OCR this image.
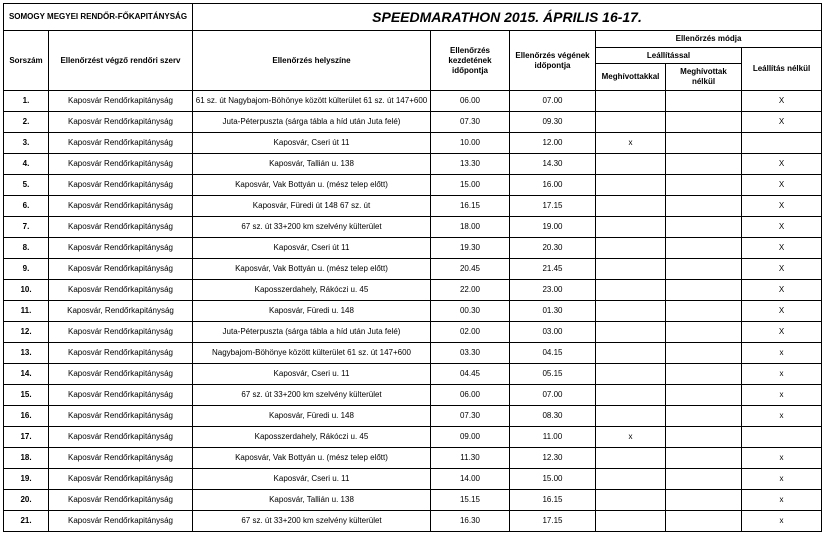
SOMOGY MEGYEI RENDŐR-FŐKAPITÁNYSÁG		SPEEDMARATHON 2015. ÁPRILIS 16-17.					
Sorszám	Ellenőrzést végző rendőri szerv	Ellenőrzés helyszíne	Ellenőrzés kezdetének időpontja	Ellenőrzés végének időpontja	Ellenőrzés módja		
					Leállítással		Leállítás nélkül
					Meghívottakkal	Meghívottak nélkül	
1.	Kaposvár Rendőrkapitányság	61 sz. út Nagybajom-Böhönye között külterület 61 sz. út 147+600	06.00	07.00			X
2.	Kaposvár Rendőrkapitányság	Juta-Péterpuszta (sárga tábla a híd után Juta felé)	07.30	09.30			X
3.	Kaposvár Rendőrkapitányság	Kaposvár, Cseri út 11	10.00	12.00	x		
4.	Kaposvár Rendőrkapitányság	Kaposvár, Tallián u. 138	13.30	14.30			X
5.	Kaposvár Rendőrkapitányság	Kaposvár, Vak Bottyán u. (mész telep előtt)	15.00	16.00			X
6.	Kaposvár Rendőrkapitányság	Kaposvár, Füredi út 148 67 sz. út	16.15	17.15			X
7.	Kaposvár Rendőrkapitányság	67 sz. út 33+200 km szelvény külterület	18.00	19.00			X
8.	Kaposvár Rendőrkapitányság	Kaposvár, Cseri út 11	19.30	20.30			X
9.	Kaposvár Rendőrkapitányság	Kaposvár, Vak Bottyán u. (mész telep előtt)	20.45	21.45			X
10.	Kaposvár Rendőrkapitányság	Kaposszerdahely, Rákóczi u. 45	22.00	23.00			X
11.	Kaposvár, Rendőrkapitányság	Kaposvár, Füredi u. 148	00.30	01.30			X
12.	Kaposvár Rendőrkapitányság	Juta-Péterpuszta (sárga tábla a híd után Juta felé)	02.00	03.00			X
13.	Kaposvár Rendőrkapitányság	Nagybajom-Böhönye között külterület 61 sz. út 147+600	03.30	04.15			x
14.	Kaposvár Rendőrkapitányság	Kaposvár, Cseri u. 11	04.45	05.15			x
15.	Kaposvár Rendőrkapitányság	67 sz. út 33+200 km szelvény külterület	06.00	07.00			x
16.	Kaposvár Rendőrkapitányság	Kaposvár, Füredi u. 148	07.30	08.30			x
17.	Kaposvár Rendőrkapitányság	Kaposszerdahely, Rákóczi u. 45	09.00	11.00	x		
18.	Kaposvár Rendőrkapitányság	Kaposvár, Vak Bottyán u. (mész telep előtt)	11.30	12.30			x
19.	Kaposvár Rendőrkapitányság	Kaposvár, Cseri u. 11	14.00	15.00			x
20.	Kaposvár Rendőrkapitányság	Kaposvár, Tallián u. 138	15.15	16.15			x
21.	Kaposvár Rendőrkapitányság	67 sz. út 33+200 km szelvény külterület	16.30	17.15			x
